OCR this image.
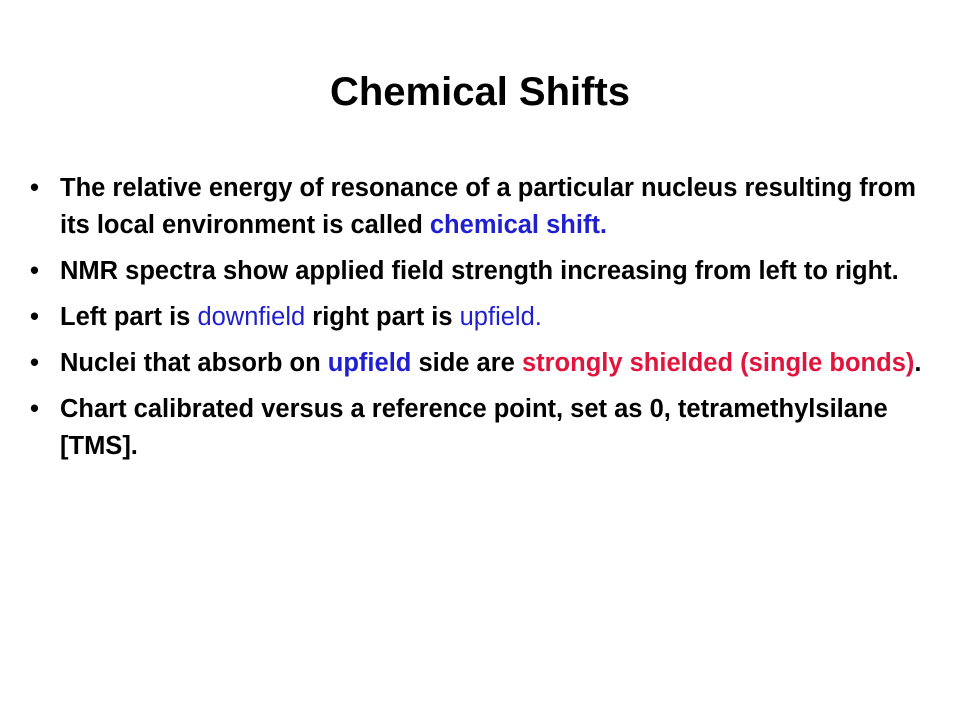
Chemical Shifts
• The relative energy of resonance of a particular nucleus resulting from its local environment is called chemical shift.
• NMR spectra show applied field strength increasing from left to right.
• Left part is downfield right part is upfield.
• Nuclei that absorb on upfield side are strongly shielded (single bonds).
• Chart calibrated versus a reference point, set as 0, tetramethylsilane [TMS].
